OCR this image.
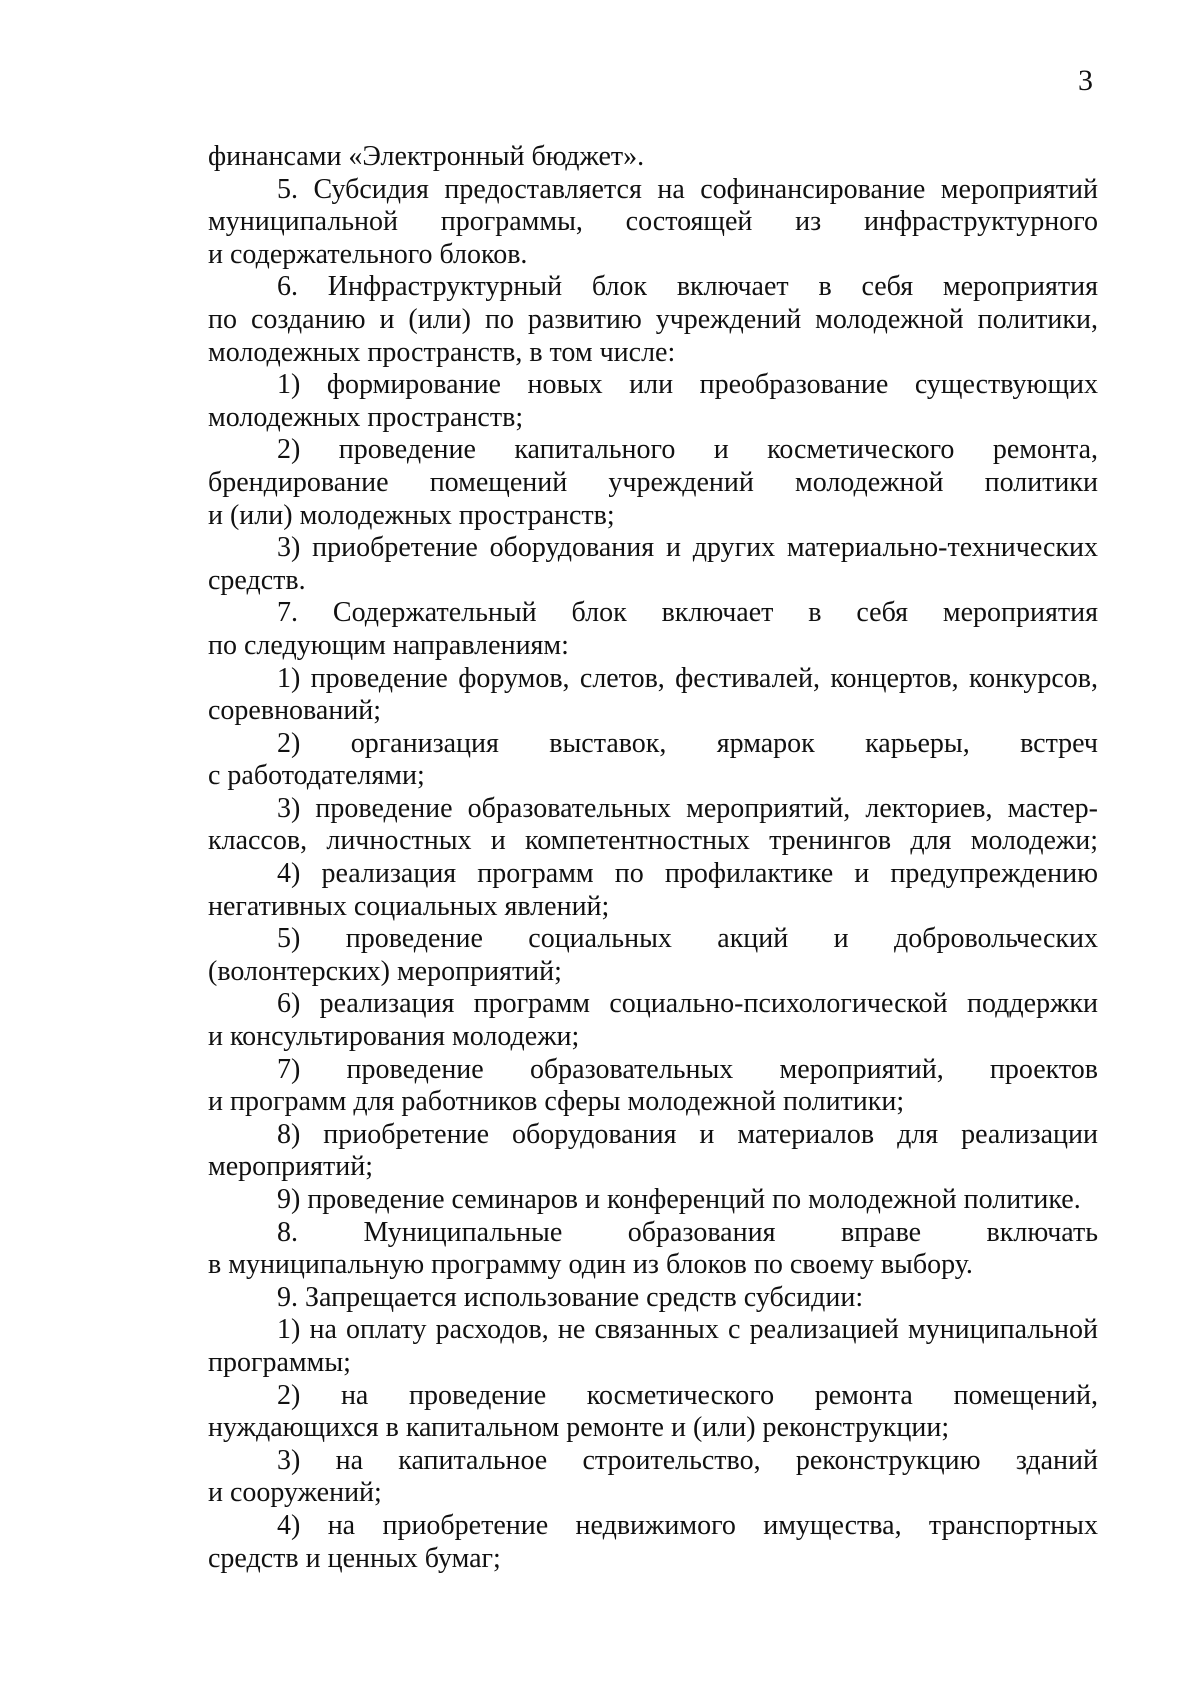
3
финансами «Электронный бюджет».
5. Субсидия предоставляется на софинансирование мероприятий
муниципальной программы, состоящей из инфраструктурного
и содержательного блоков.
6. Инфраструктурный блок включает в себя мероприятия
по созданию и (или) по развитию учреждений молодежной политики,
молодежных пространств, в том числе:
1) формирование новых или преобразование существующих
молодежных пространств;
2) проведение капитального и косметического ремонта,
брендирование помещений учреждений молодежной политики
и (или) молодежных пространств;
3) приобретение оборудования и других материально-технических
средств.
7. Содержательный блок включает в себя мероприятия
по следующим направлениям:
1) проведение форумов, слетов, фестивалей, концертов, конкурсов,
соревнований;
2) организация выставок, ярмарок карьеры, встреч
с работодателями;
3) проведение образовательных мероприятий, лекториев, мастер-
классов, личностных и компетентностных тренингов для молодежи;
4) реализация программ по профилактике и предупреждению
негативных социальных явлений;
5) проведение социальных акций и добровольческих
(волонтерских) мероприятий;
6) реализация программ социально-психологической поддержки
и консультирования молодежи;
7) проведение образовательных мероприятий, проектов
и программ для работников сферы молодежной политики;
8) приобретение оборудования и материалов для реализации
мероприятий;
9) проведение семинаров и конференций по молодежной политике.
8. Муниципальные образования вправе включать
в муниципальную программу один из блоков по своему выбору.
9. Запрещается использование средств субсидии:
1) на оплату расходов, не связанных с реализацией муниципальной
программы;
2) на проведение косметического ремонта помещений,
нуждающихся в капитальном ремонте и (или) реконструкции;
3) на капитальное строительство, реконструкцию зданий
и сооружений;
4) на приобретение недвижимого имущества, транспортных
средств и ценных бумаг;
